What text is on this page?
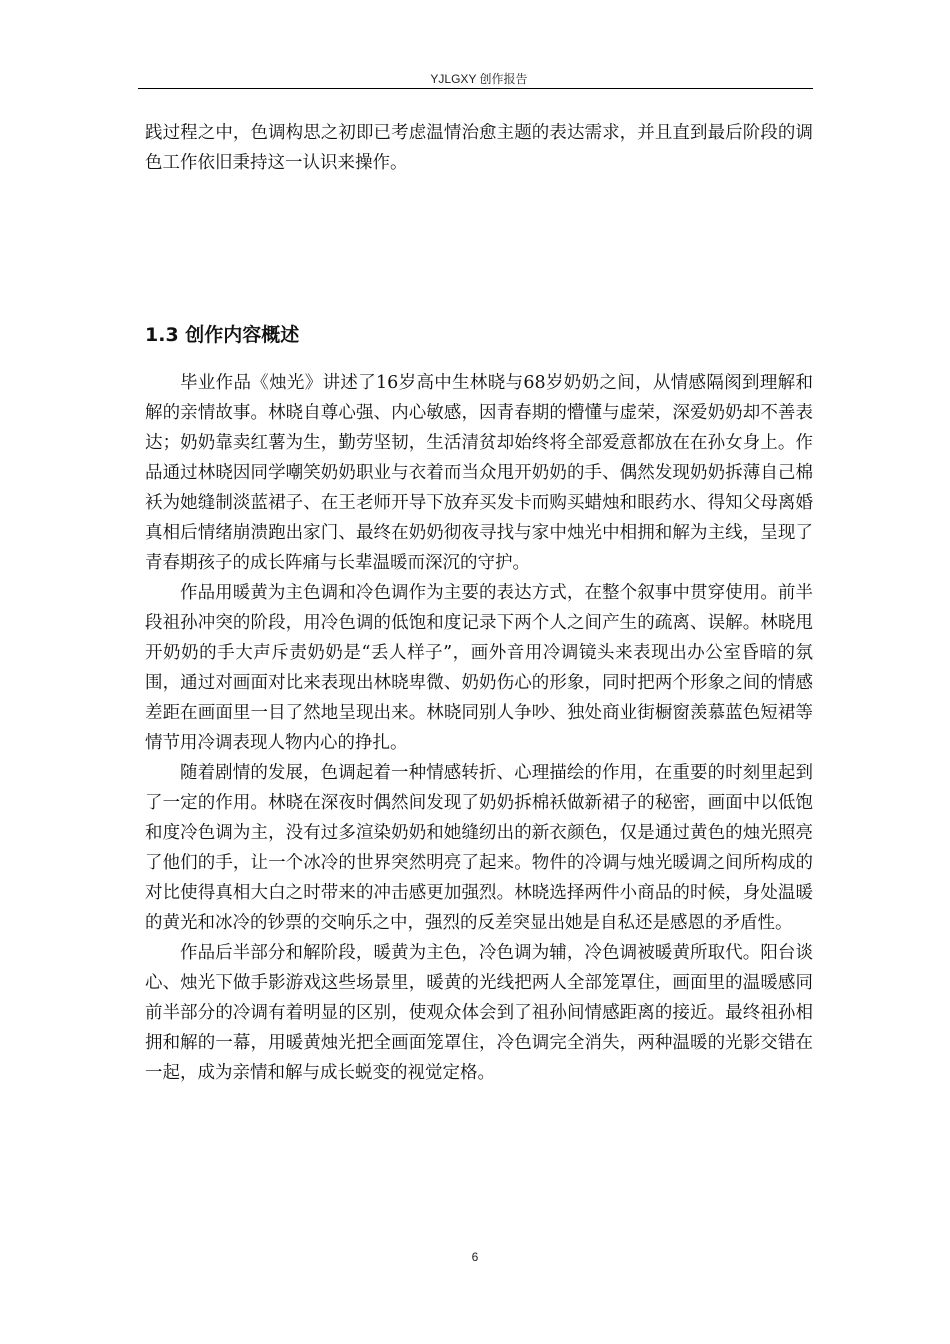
YJLGXY 创作报告

践过程之中，色调构思之初即已考虑温情治愈主题的表达需求，并且直到最后阶段的调色工作依旧秉持这一认识来操作。

1.3 创作内容概述

毕业作品《烛光》讲述了16岁高中生林晓与68岁奶奶之间，从情感隔阂到理解和解的亲情故事。林晓自尊心强、内心敏感，因青春期的懵懂与虚荣，深爱奶奶却不善表达；奶奶靠卖红薯为生，勤劳坚韧，生活清贫却始终将全部爱意都放在在孙女身上。作品通过林晓因同学嘲笑奶奶职业与衣着而当众甩开奶奶的手、偶然发现奶奶拆薄自己棉袄为她缝制淡蓝裙子、在王老师开导下放弃买发卡而购买蜡烛和眼药水、得知父母离婚真相后情绪崩溃跑出家门、最终在奶奶彻夜寻找与家中烛光中相拥和解为主线，呈现了青春期孩子的成长阵痛与长辈温暖而深沉的守护。

作品用暖黄为主色调和冷色调作为主要的表达方式，在整个叙事中贯穿使用。前半段祖孙冲突的阶段，用冷色调的低饱和度记录下两个人之间产生的疏离、误解。林晓甩开奶奶的手大声斥责奶奶是“丢人样子”，画外音用冷调镜头来表现出办公室昏暗的氛围，通过对画面对比来表现出林晓卑微、奶奶伤心的形象，同时把两个形象之间的情感差距在画面里一目了然地呈现出来。林晓同别人争吵、独处商业街橱窗羡慕蓝色短裙等情节用冷调表现人物内心的挣扎。

随着剧情的发展，色调起着一种情感转折、心理描绘的作用，在重要的时刻里起到了一定的作用。林晓在深夜时偶然间发现了奶奶拆棉袄做新裙子的秘密，画面中以低饱和度冷色调为主，没有过多渲染奶奶和她缝纫出的新衣颜色，仅是通过黄色的烛光照亮了他们的手，让一个冰冷的世界突然明亮了起来。物件的冷调与烛光暖调之间所构成的对比使得真相大白之时带来的冲击感更加强烈。林晓选择两件小商品的时候，身处温暖的黄光和冰冷的钞票的交响乐之中，强烈的反差突显出她是自私还是感恩的矛盾性。

作品后半部分和解阶段，暖黄为主色，冷色调为辅，冷色调被暖黄所取代。阳台谈心、烛光下做手影游戏这些场景里，暖黄的光线把两人全部笼罩住，画面里的温暖感同前半部分的冷调有着明显的区别，使观众体会到了祖孙间情感距离的接近。最终祖孙相拥和解的一幕，用暖黄烛光把全画面笼罩住，冷色调完全消失，两种温暖的光影交错在一起，成为亲情和解与成长蜕变的视觉定格。

6
